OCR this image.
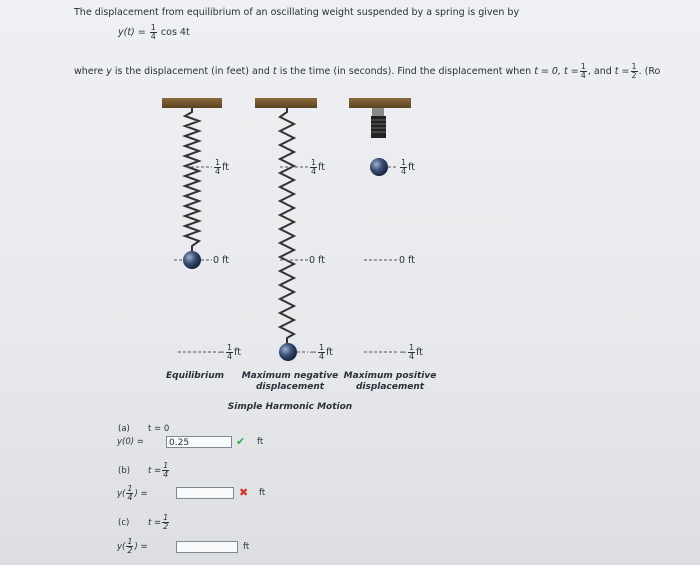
The displacement from equilibrium of an oscillating weight suspended by a spring is given by
$y(t) = \frac{1}{4}$ cos 4t
where y is the displacement (in feet) and t is the time (in seconds). Find the displacement when t = 0, $t = \frac{1}{4}$ , and $t = \frac{1}{2}$ . (Ro
$\frac{1}{4}$ ft	$\frac{1}{4}$ ft	$\frac{1}{4}$ ft
0 ft	0 ft	0 ft
− $\frac{1}{4}$ ft	− $\frac{1}{4}$ ft	− $\frac{1}{4}$ ft
Equilibrium	Maximum negative
displacement
Maximum positive
displacement
Simple Harmonic Motion
(a) t = 0
y(0) =	0.25	✔ ft
(b) $t = \frac{1}{4}$
$y( \frac{1}{4}$ ) =	✖ ft
(c) $t = \frac{1}{2}$
$y( \frac{1}{2}$ ) =	ft
